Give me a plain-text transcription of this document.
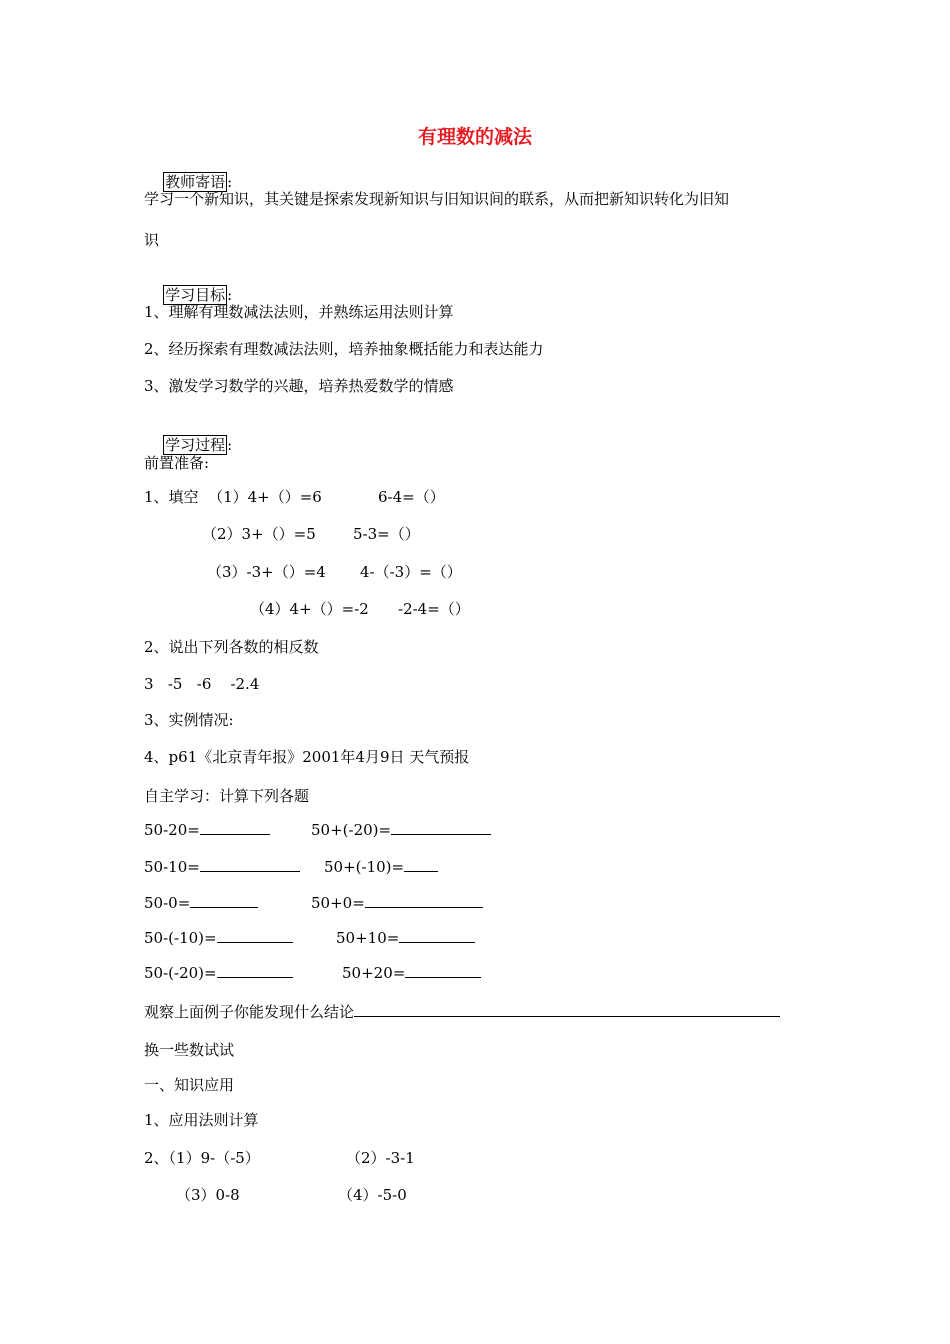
有理数的减法

教师寄语 :

学习一个新知识，其关键是探索发现新知识与旧知识间的联系，从而把新知识转化为旧知
识

学习目标 :

1、理解有理数减法法则，并熟练运用法则计算
2、经历探索有理数减法法则，培养抽象概括能力和表达能力
3、激发学习数学的兴趣，培养热爱数学的情感

学习过程 :

前置准备:
1、填空  （1）4+（）=6	6-4=（）
（2）3+（）=5 5-3=（）
（3）-3+（）=4 4-（-3）=（）
（4）4+（）=-2 -2-4=（）
2、说出下列各数的相反数
3   -5   -6    -2.4
3、实例情况:
4、p61《北京青年报》2001年4月9日 天气预报
自主学习：计算下列各题
50-20=	50+(-20)=
50-10=	50+(-10)=
50-0=	50+0=
50-(-10)=	50+10=
50-(-20)=	50+20=
观察上面例子你能发现什么结论
换一些数试试
一、知识应用
1、应用法则计算
2、（1）9-（-5）	（2）-3-1
（3）0-8	（4）-5-0
